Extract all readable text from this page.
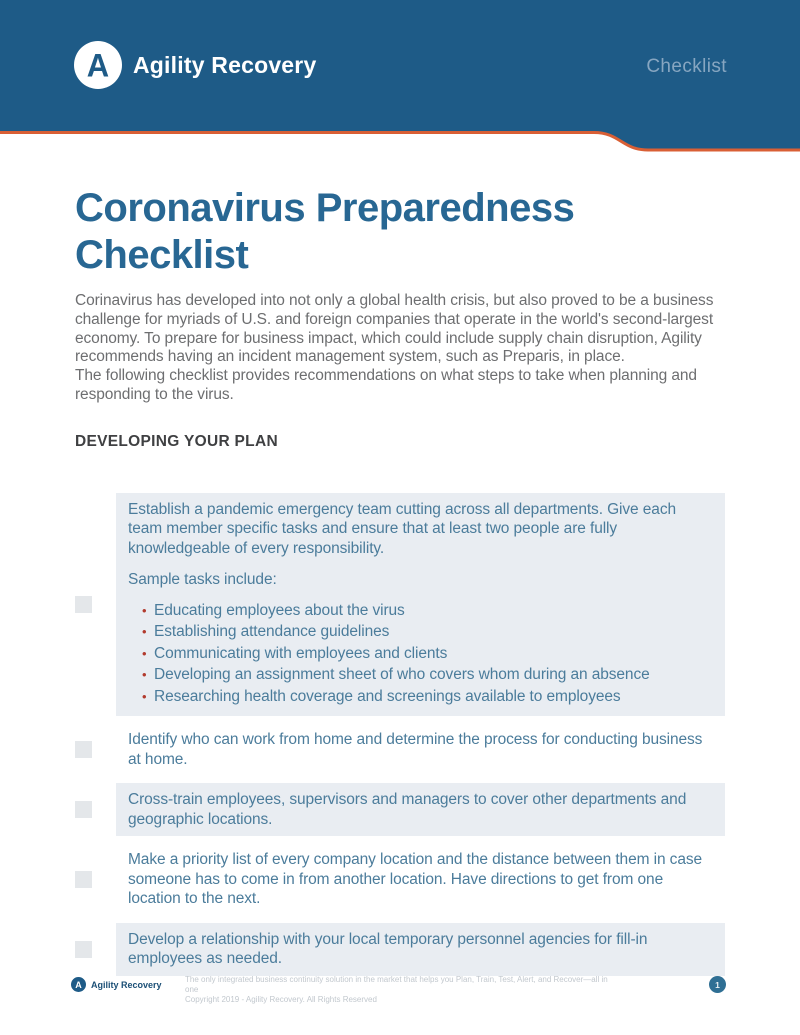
A Agility Recovery	Checklist
Coronavirus Preparedness
Checklist

Corinavirus has developed into not only a global health crisis, but also proved to be a business challenge for myriads of U.S. and foreign companies that operate in the world's second-largest economy. To prepare for business impact, which could include supply chain disruption, Agility recommends having an incident management system, such as Preparis, in place.

The following checklist provides recommendations on what steps to take when planning and responding to the virus.

DEVELOPING YOUR PLAN

Establish a pandemic emergency team cutting across all departments. Give each team member specific tasks and ensure that at least two people are fully knowledgeable of every responsibility.

Sample tasks include:

• Educating employees about the virus
• Establishing attendance guidelines
• Communicating with employees and clients
• Developing an assignment sheet of who covers whom during an absence
• Researching health coverage and screenings available to employees

Identify who can work from home and determine the process for conducting business at home.

Cross-train employees, supervisors and managers to cover other departments and geographic locations.

Make a priority list of every company location and the distance between them in case someone has to come in from another location. Have directions to get from one location to the next.

Develop a relationship with your local temporary personnel agencies for fill-in employees as needed.

A	Agility Recovery	The only integrated business continuity solution in the market that helps you Plan, Train, Test, Alert, and Recover—all in one
Copyright 2019 - Agility Recovery. All Rights Reserved
1
